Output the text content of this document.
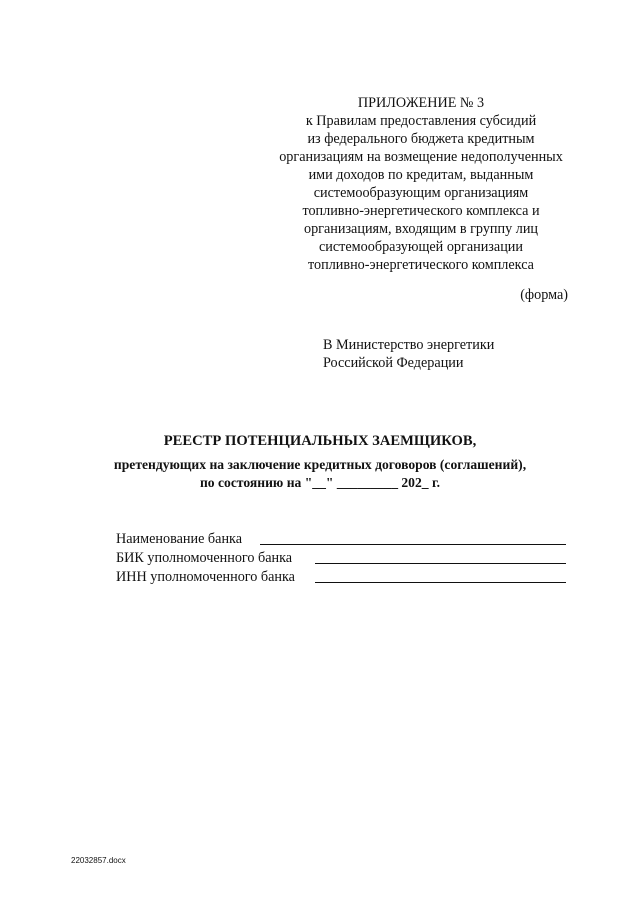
ПРИЛОЖЕНИЕ № 3
к Правилам предоставления субсидий
из федерального бюджета кредитным
организациям на возмещение недополученных
ими доходов по кредитам, выданным
системообразующим организациям
топливно-энергетического комплекса и
организациям, входящим в группу лиц
системообразующей организации
топливно-энергетического комплекса
(форма)
В Министерство энергетики
Российской Федерации
РЕЕСТР ПОТЕНЦИАЛЬНЫХ ЗАЕМЩИКОВ,
претендующих на заключение кредитных договоров (соглашений),
по состоянию на "__" _________ 202_ г.
Наименование банка
БИК уполномоченного банка
ИНН уполномоченного банка
22032857.docx
